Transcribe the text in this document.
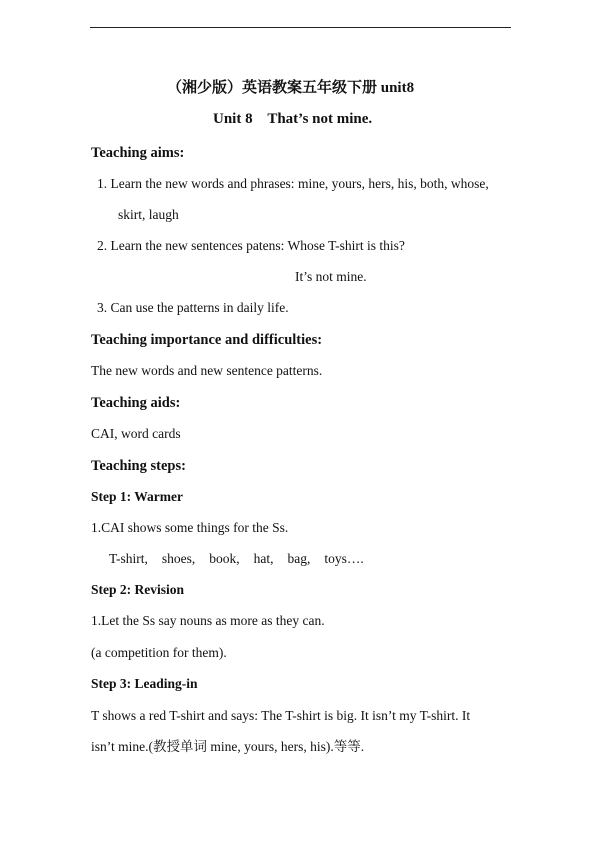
（湘少版）英语教案五年级下册 unit8
Unit 8    That’s not mine.
Teaching aims:
1. Learn the new words and phrases: mine, yours, hers, his, both, whose,
skirt, laugh
2. Learn the new sentences patens: Whose T-shirt is this?
It’s not mine.
3. Can use the patterns in daily life.
Teaching importance and difficulties:
The new words and new sentence patterns.
Teaching aids:
CAI, word cards
Teaching steps:
Step 1: Warmer
1.CAI shows some things for the Ss.
T-shirt, shoes, book, hat, bag, toys….
Step 2: Revision
1.Let the Ss say nouns as more as they can.
(a competition for them).
Step 3: Leading-in
T shows a red T-shirt and says: The T-shirt is big. It isn’t my T-shirt. It
isn’t mine.(教授单词 mine, yours, hers, his).等等.
